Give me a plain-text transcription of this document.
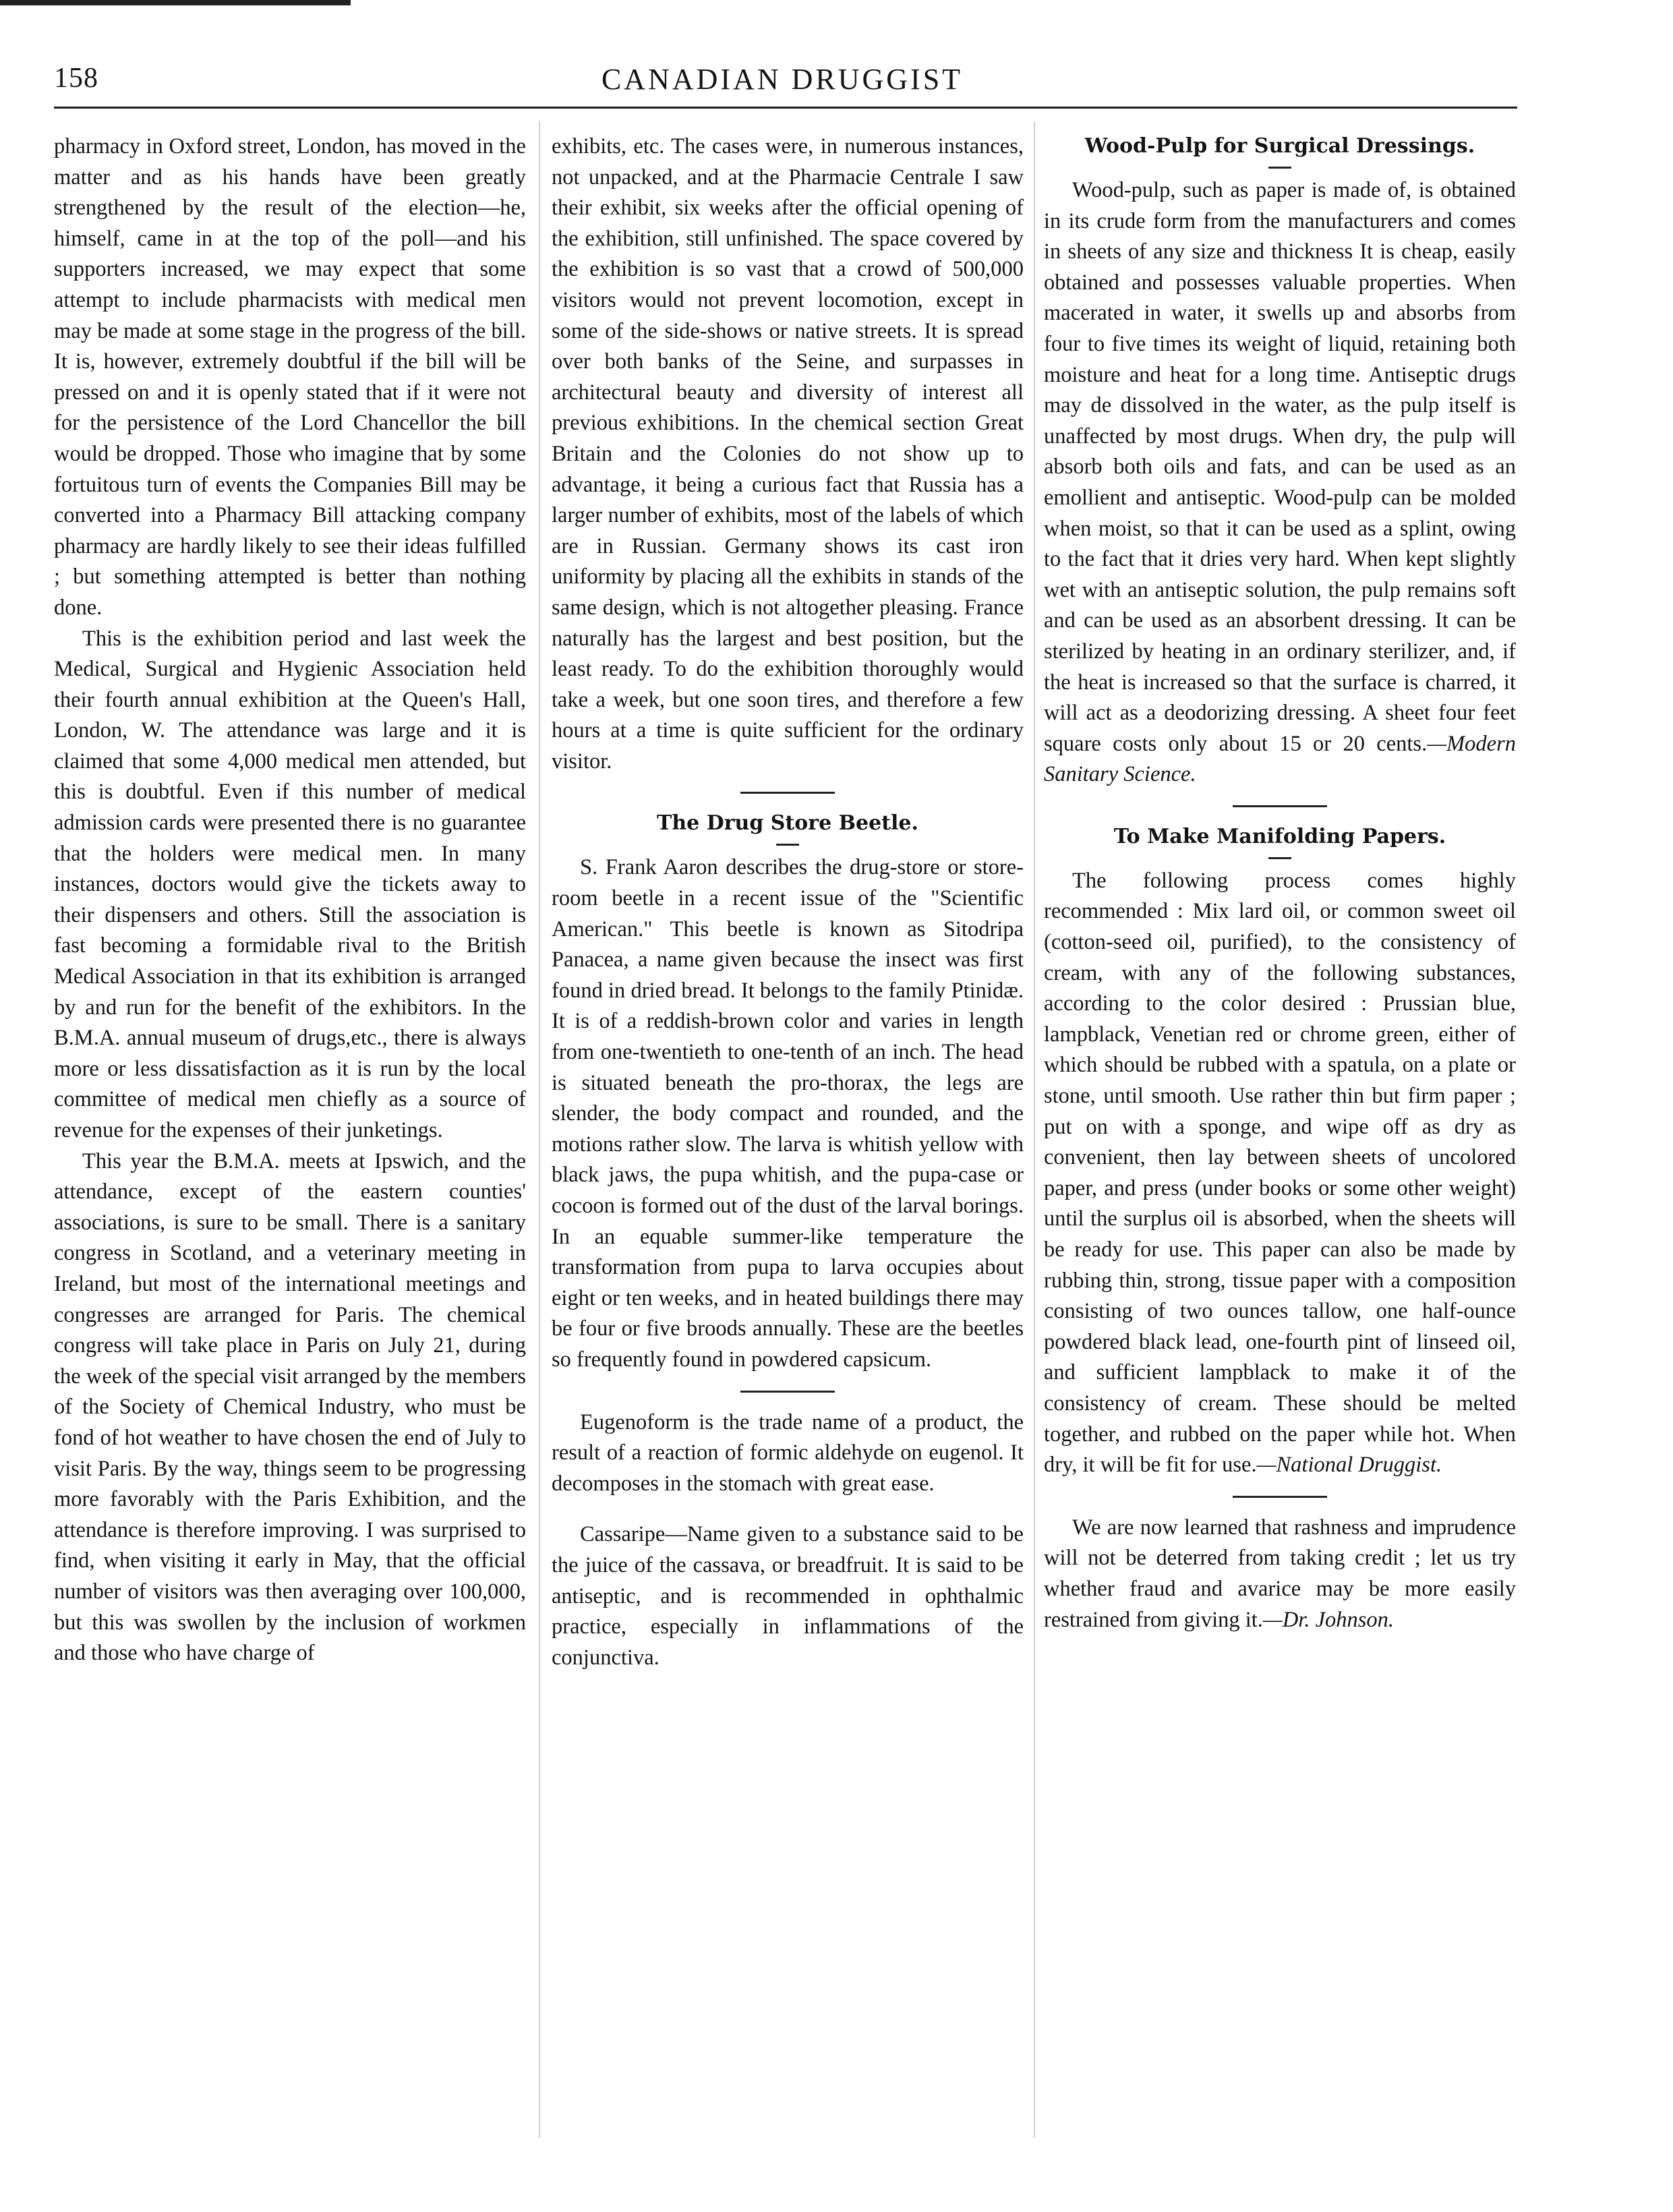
158	CANADIAN DRUGGIST

pharmacy in Oxford street, London, has moved in the matter and as his hands have been greatly strengthened by the result of the election—he, himself, came in at the top of the poll—and his supporters increased, we may expect that some attempt to include pharmacists with medical men may be made at some stage in the progress of the bill. It is, however, extremely doubtful if the bill will be pressed on and it is openly stated that if it were not for the persistence of the Lord Chancellor the bill would be dropped. Those who imagine that by some fortuitous turn of events the Companies Bill may be converted into a Pharmacy Bill attacking company pharmacy are hardly likely to see their ideas fulfilled ; but something attempted is better than nothing done.

This is the exhibition period and last week the Medical, Surgical and Hygienic Association held their fourth annual exhibition at the Queen's Hall, London, W. The attendance was large and it is claimed that some 4,000 medical men attended, but this is doubtful. Even if this number of medical admission cards were presented there is no guarantee that the holders were medical men. In many instances, doctors would give the tickets away to their dispensers and others. Still the association is fast becoming a formidable rival to the British Medical Association in that its exhibition is arranged by and run for the benefit of the exhibitors. In the B.M.A. annual museum of drugs,etc., there is always more or less dissatisfaction as it is run by the local committee of medical men chiefly as a source of revenue for the expenses of their junketings.

This year the B.M.A. meets at Ipswich, and the attendance, except of the eastern counties' associations, is sure to be small. There is a sanitary congress in Scotland, and a veterinary meeting in Ireland, but most of the international meetings and congresses are arranged for Paris. The chemical congress will take place in Paris on July 21, during the week of the special visit arranged by the members of the Society of Chemical Industry, who must be fond of hot weather to have chosen the end of July to visit Paris. By the way, things seem to be progressing more favorably with the Paris Exhibition, and the attendance is therefore improving. I was surprised to find, when visiting it early in May, that the official number of visitors was then averaging over 100,000, but this was swollen by the inclusion of workmen and those who have charge of

exhibits, etc. The cases were, in numerous instances, not unpacked, and at the Pharmacie Centrale I saw their exhibit, six weeks after the official opening of the exhibition, still unfinished. The space covered by the exhibition is so vast that a crowd of 500,000 visitors would not prevent locomotion, except in some of the side-shows or native streets. It is spread over both banks of the Seine, and surpasses in architectural beauty and diversity of interest all previous exhibitions. In the chemical section Great Britain and the Colonies do not show up to advantage, it being a curious fact that Russia has a larger number of exhibits, most of the labels of which are in Russian. Germany shows its cast iron uniformity by placing all the exhibits in stands of the same design, which is not altogether pleasing. France naturally has the largest and best position, but the least ready. To do the exhibition thoroughly would take a week, but one soon tires, and therefore a few hours at a time is quite sufficient for the ordinary visitor.

The Drug Store Beetle.

S. Frank Aaron describes the drug-store or store-room beetle in a recent issue of the "Scientific American." This beetle is known as Sitodripa Panacea, a name given because the insect was first found in dried bread. It belongs to the family Ptinidæ. It is of a reddish-brown color and varies in length from one-twentieth to one-tenth of an inch. The head is situated beneath the pro-thorax, the legs are slender, the body compact and rounded, and the motions rather slow. The larva is whitish yellow with black jaws, the pupa whitish, and the pupa-case or cocoon is formed out of the dust of the larval borings. In an equable summer-like temperature the transformation from pupa to larva occupies about eight or ten weeks, and in heated buildings there may be four or five broods annually. These are the beetles so frequently found in powdered capsicum.

Eugenoform is the trade name of a product, the result of a reaction of formic aldehyde on eugenol. It decomposes in the stomach with great ease.

Cassaripe—Name given to a substance said to be the juice of the cassava, or breadfruit. It is said to be antiseptic, and is recommended in ophthalmic practice, especially in inflammations of the conjunctiva.

Wood-Pulp for Surgical Dressings.

Wood-pulp, such as paper is made of, is obtained in its crude form from the manufacturers and comes in sheets of any size and thickness It is cheap, easily obtained and possesses valuable properties. When macerated in water, it swells up and absorbs from four to five times its weight of liquid, retaining both moisture and heat for a long time. Antiseptic drugs may de dissolved in the water, as the pulp itself is unaffected by most drugs. When dry, the pulp will absorb both oils and fats, and can be used as an emollient and antiseptic. Wood-pulp can be molded when moist, so that it can be used as a splint, owing to the fact that it dries very hard. When kept slightly wet with an antiseptic solution, the pulp remains soft and can be used as an absorbent dressing. It can be sterilized by heating in an ordinary sterilizer, and, if the heat is increased so that the surface is charred, it will act as a deodorizing dressing. A sheet four feet square costs only about 15 or 20 cents.—Modern Sanitary Science.

To Make Manifolding Papers.

The following process comes highly recommended : Mix lard oil, or common sweet oil (cotton-seed oil, purified), to the consistency of cream, with any of the following substances, according to the color desired : Prussian blue, lampblack, Venetian red or chrome green, either of which should be rubbed with a spatula, on a plate or stone, until smooth. Use rather thin but firm paper ; put on with a sponge, and wipe off as dry as convenient, then lay between sheets of uncolored paper, and press (under books or some other weight) until the surplus oil is absorbed, when the sheets will be ready for use. This paper can also be made by rubbing thin, strong, tissue paper with a composition consisting of two ounces tallow, one half-ounce powdered black lead, one-fourth pint of linseed oil, and sufficient lampblack to make it of the consistency of cream. These should be melted together, and rubbed on the paper while hot. When dry, it will be fit for use.—National Druggist.

We are now learned that rashness and imprudence will not be deterred from taking credit ; let us try whether fraud and avarice may be more easily restrained from giving it.—Dr. Johnson.
